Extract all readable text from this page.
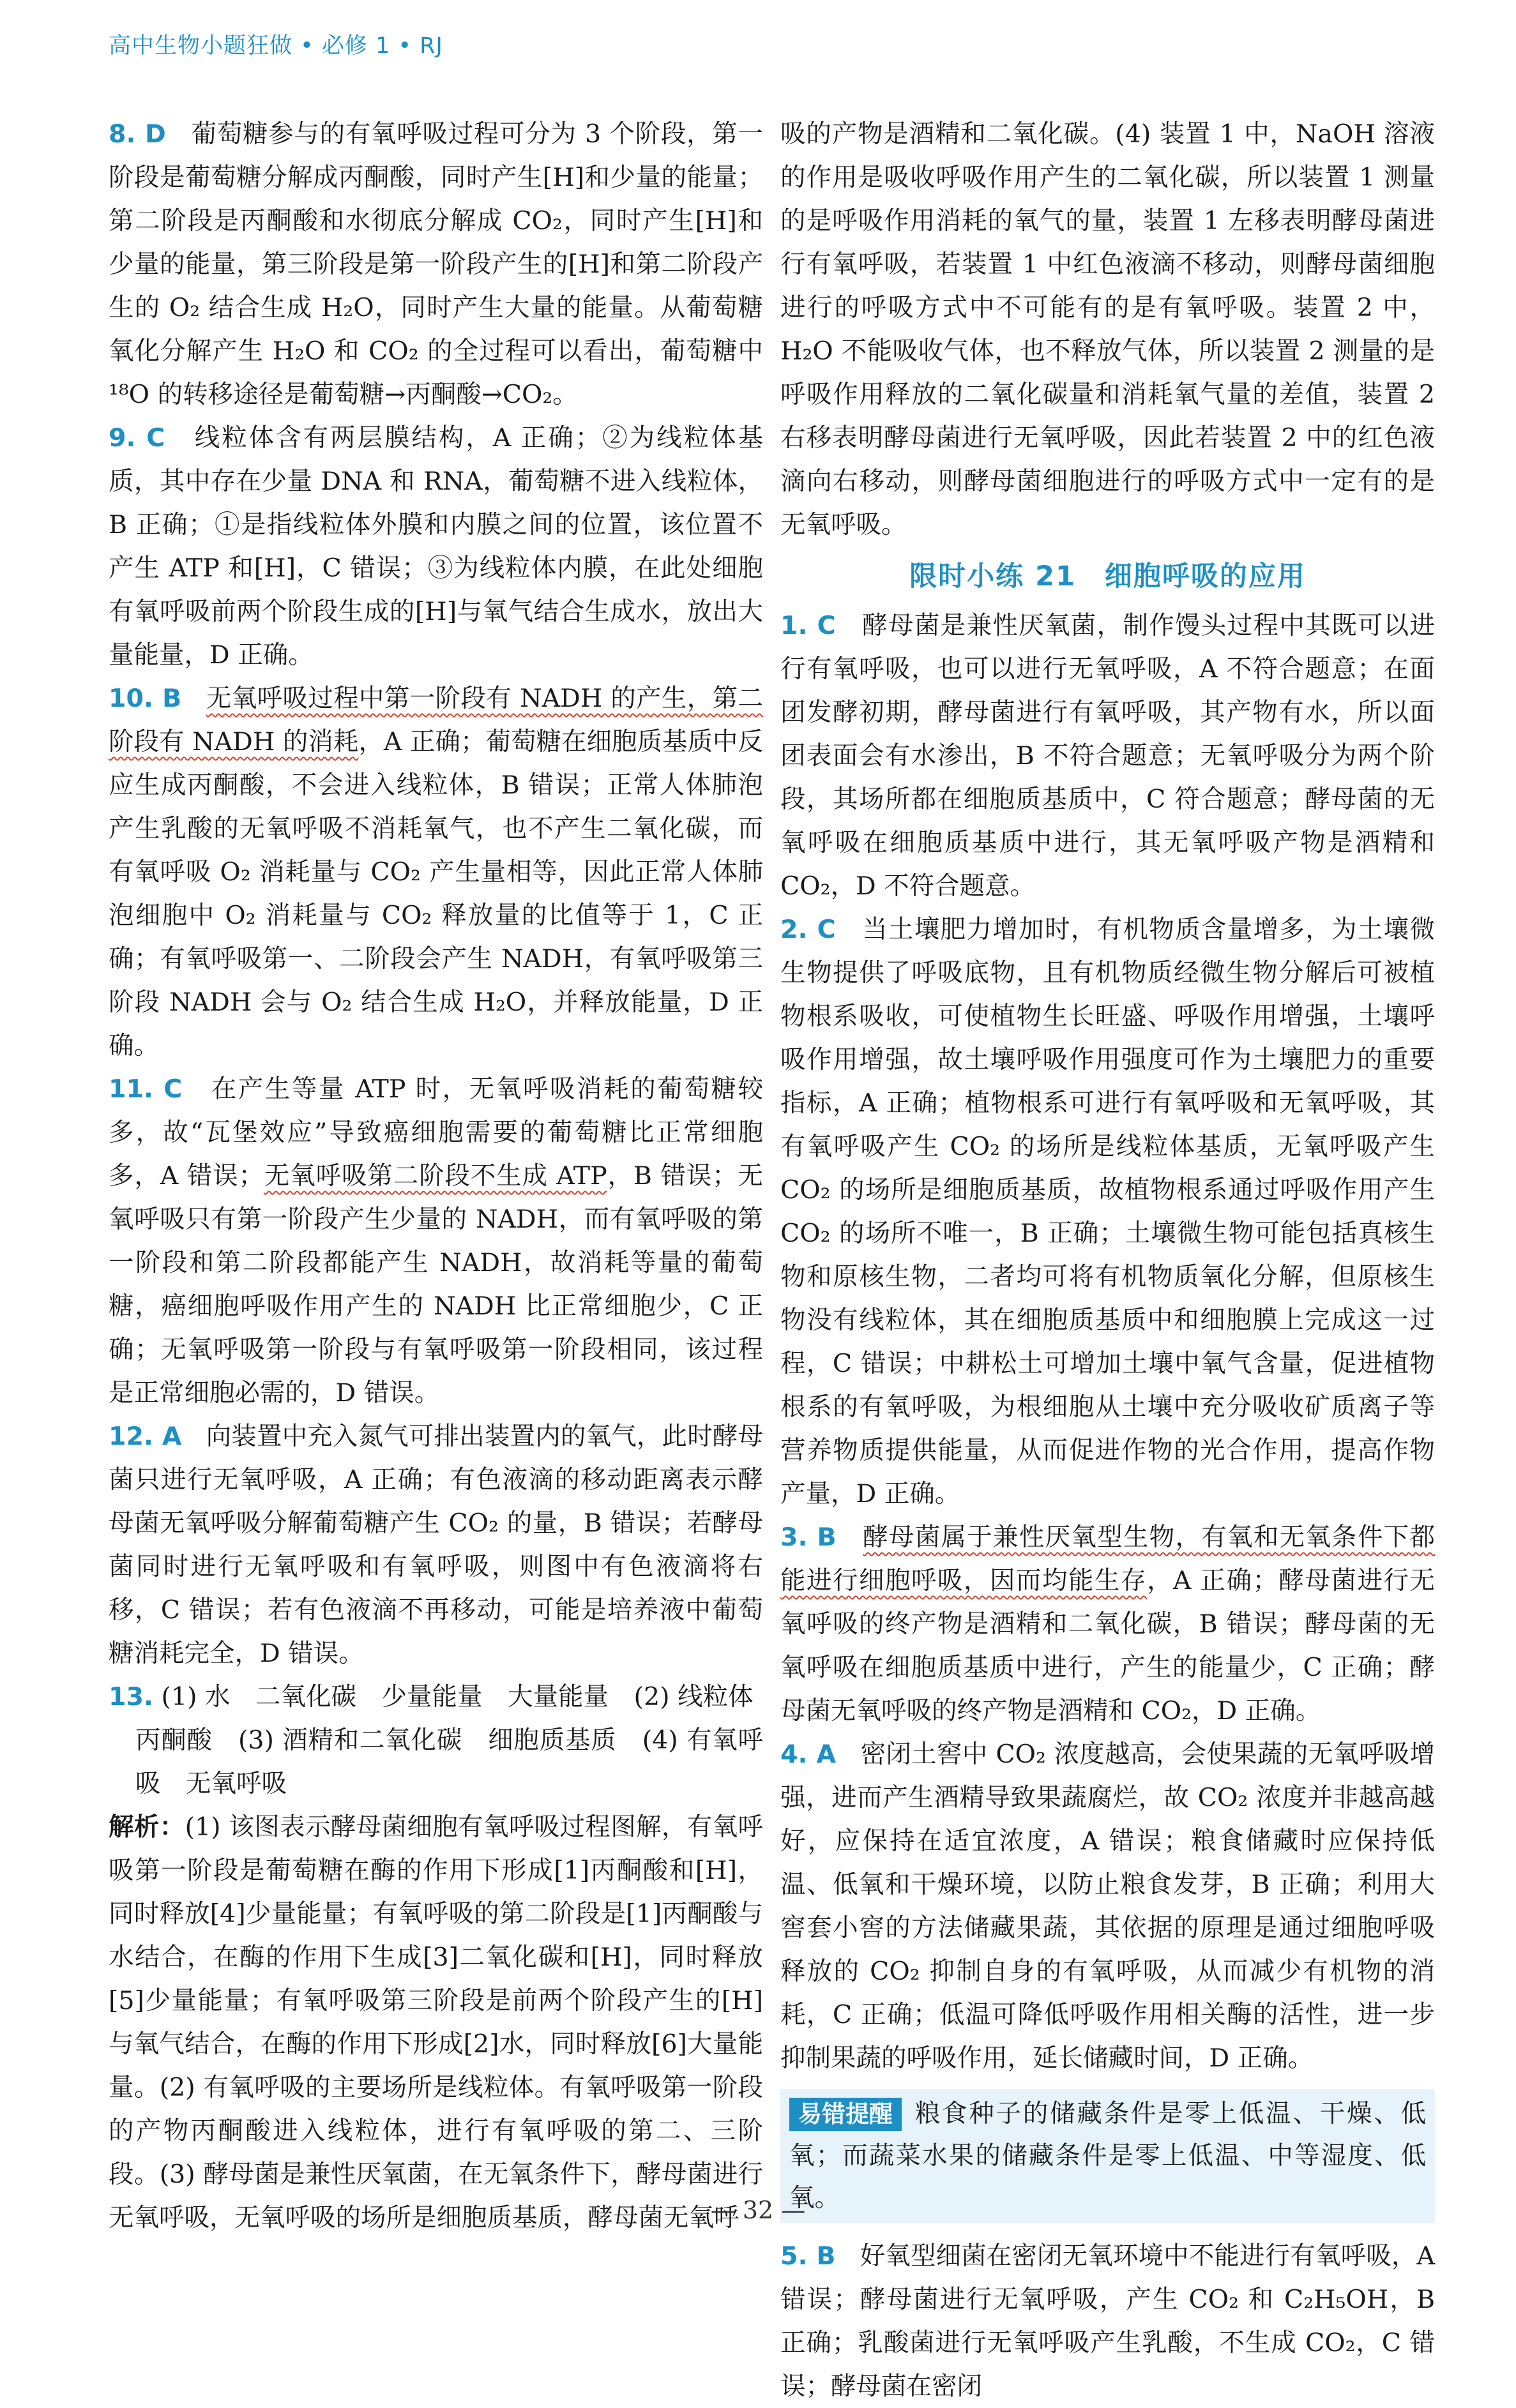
高中生物小题狂做 • 必修 1 • RJ

8. D 葡萄糖参与的有氧呼吸过程可分为 3 个阶段，第一阶段是葡萄糖分解成丙酮酸，同时产生[H]和少量的能量；第二阶段是丙酮酸和水彻底分解成 CO₂，同时产生[H]和少量的能量，第三阶段是第一阶段产生的[H]和第二阶段产生的 O₂ 结合生成 H₂O，同时产生大量的能量。从葡萄糖氧化分解产生 H₂O 和 CO₂ 的全过程可以看出，葡萄糖中¹⁸O 的转移途径是葡萄糖→丙酮酸→CO₂。

9. C 线粒体含有两层膜结构，A 正确；②为线粒体基质，其中存在少量 DNA 和 RNA，葡萄糖不进入线粒体，B 正确；①是指线粒体外膜和内膜之间的位置，该位置不产生 ATP 和[H]，C 错误；③为线粒体内膜，在此处细胞有氧呼吸前两个阶段生成的[H]与氧气结合生成水，放出大量能量，D 正确。

10. B 无氧呼吸过程中第一阶段有 NADH 的产生，第二阶段有 NADH 的消耗，A 正确；葡萄糖在细胞质基质中反应生成丙酮酸，不会进入线粒体，B 错误；正常人体肺泡产生乳酸的无氧呼吸不消耗氧气，也不产生二氧化碳，而有氧呼吸 O₂ 消耗量与 CO₂ 产生量相等，因此正常人体肺泡细胞中 O₂ 消耗量与 CO₂ 释放量的比值等于 1，C 正确；有氧呼吸第一、二阶段会产生 NADH，有氧呼吸第三阶段 NADH 会与 O₂ 结合生成 H₂O，并释放能量，D 正确。

11. C 在产生等量 ATP 时，无氧呼吸消耗的葡萄糖较多，故“瓦堡效应”导致癌细胞需要的葡萄糖比正常细胞多，A 错误；无氧呼吸第二阶段不生成 ATP，B 错误；无氧呼吸只有第一阶段产生少量的 NADH，而有氧呼吸的第一阶段和第二阶段都能产生 NADH，故消耗等量的葡萄糖，癌细胞呼吸作用产生的 NADH 比正常细胞少，C 正确；无氧呼吸第一阶段与有氧呼吸第一阶段相同，该过程是正常细胞必需的，D 错误。

12. A 向装置中充入氮气可排出装置内的氧气，此时酵母菌只进行无氧呼吸，A 正确；有色液滴的移动距离表示酵母菌无氧呼吸分解葡萄糖产生 CO₂ 的量，B 错误；若酵母菌同时进行无氧呼吸和有氧呼吸，则图中有色液滴将右移，C 错误；若有色液滴不再移动，可能是培养液中葡萄糖消耗完全，D 错误。

13. (1) 水　二氧化碳　少量能量　大量能量　(2) 线粒体
丙酮酸　(3) 酒精和二氧化碳　细胞质基质　(4) 有氧呼吸　无氧呼吸

解析：(1) 该图表示酵母菌细胞有氧呼吸过程图解，有氧呼吸第一阶段是葡萄糖在酶的作用下形成[1]丙酮酸和[H]，同时释放[4]少量能量；有氧呼吸的第二阶段是[1]丙酮酸与水结合，在酶的作用下生成[3]二氧化碳和[H]，同时释放[5]少量能量；有氧呼吸第三阶段是前两个阶段产生的[H]与氧气结合，在酶的作用下形成[2]水，同时释放[6]大量能量。(2) 有氧呼吸的主要场所是线粒体。有氧呼吸第一阶段的产物丙酮酸进入线粒体，进行有氧呼吸的第二、三阶段。(3) 酵母菌是兼性厌氧菌，在无氧条件下，酵母菌进行无氧呼吸，无氧呼吸的场所是细胞质基质，酵母菌无氧呼

吸的产物是酒精和二氧化碳。(4) 装置 1 中，NaOH 溶液的作用是吸收呼吸作用产生的二氧化碳，所以装置 1 测量的是呼吸作用消耗的氧气的量，装置 1 左移表明酵母菌进行有氧呼吸，若装置 1 中红色液滴不移动，则酵母菌细胞进行的呼吸方式中不可能有的是有氧呼吸。装置 2 中，H₂O 不能吸收气体，也不释放气体，所以装置 2 测量的是呼吸作用释放的二氧化碳量和消耗氧气量的差值，装置 2 右移表明酵母菌进行无氧呼吸，因此若装置 2 中的红色液滴向右移动，则酵母菌细胞进行的呼吸方式中一定有的是无氧呼吸。

限时小练 21　细胞呼吸的应用

1. C 酵母菌是兼性厌氧菌，制作馒头过程中其既可以进行有氧呼吸，也可以进行无氧呼吸，A 不符合题意；在面团发酵初期，酵母菌进行有氧呼吸，其产物有水，所以面团表面会有水渗出，B 不符合题意；无氧呼吸分为两个阶段，其场所都在细胞质基质中，C 符合题意；酵母菌的无氧呼吸在细胞质基质中进行，其无氧呼吸产物是酒精和 CO₂，D 不符合题意。

2. C 当土壤肥力增加时，有机物质含量增多，为土壤微生物提供了呼吸底物，且有机物质经微生物分解后可被植物根系吸收，可使植物生长旺盛、呼吸作用增强，土壤呼吸作用增强，故土壤呼吸作用强度可作为土壤肥力的重要指标，A 正确；植物根系可进行有氧呼吸和无氧呼吸，其有氧呼吸产生 CO₂ 的场所是线粒体基质，无氧呼吸产生 CO₂ 的场所是细胞质基质，故植物根系通过呼吸作用产生 CO₂ 的场所不唯一，B 正确；土壤微生物可能包括真核生物和原核生物，二者均可将有机物质氧化分解，但原核生物没有线粒体，其在细胞质基质中和细胞膜上完成这一过程，C 错误；中耕松土可增加土壤中氧气含量，促进植物根系的有氧呼吸，为根细胞从土壤中充分吸收矿质离子等营养物质提供能量，从而促进作物的光合作用，提高作物产量，D 正确。

3. B 酵母菌属于兼性厌氧型生物，有氧和无氧条件下都能进行细胞呼吸，因而均能生存，A 正确；酵母菌进行无氧呼吸的终产物是酒精和二氧化碳，B 错误；酵母菌的无氧呼吸在细胞质基质中进行，产生的能量少，C 正确；酵母菌无氧呼吸的终产物是酒精和 CO₂，D 正确。

4. A 密闭土窖中 CO₂ 浓度越高，会使果蔬的无氧呼吸增强，进而产生酒精导致果蔬腐烂，故 CO₂ 浓度并非越高越好，应保持在适宜浓度，A 错误；粮食储藏时应保持低温、低氧和干燥环境，以防止粮食发芽，B 正确；利用大窖套小窖的方法储藏果蔬，其依据的原理是通过细胞呼吸释放的 CO₂ 抑制自身的有氧呼吸，从而减少有机物的消耗，C 正确；低温可降低呼吸作用相关酶的活性，进一步抑制果蔬的呼吸作用，延长储藏时间，D 正确。

易错提醒 粮食种子的储藏条件是零上低温、干燥、低氧；而蔬菜水果的储藏条件是零上低温、中等湿度、低氧。

5. B 好氧型细菌在密闭无氧环境中不能进行有氧呼吸，A 错误；酵母菌进行无氧呼吸，产生 CO₂ 和 C₂H₅OH，B 正确；乳酸菌进行无氧呼吸产生乳酸，不生成 CO₂，C 错误；酵母菌在密闭

— 32 —
